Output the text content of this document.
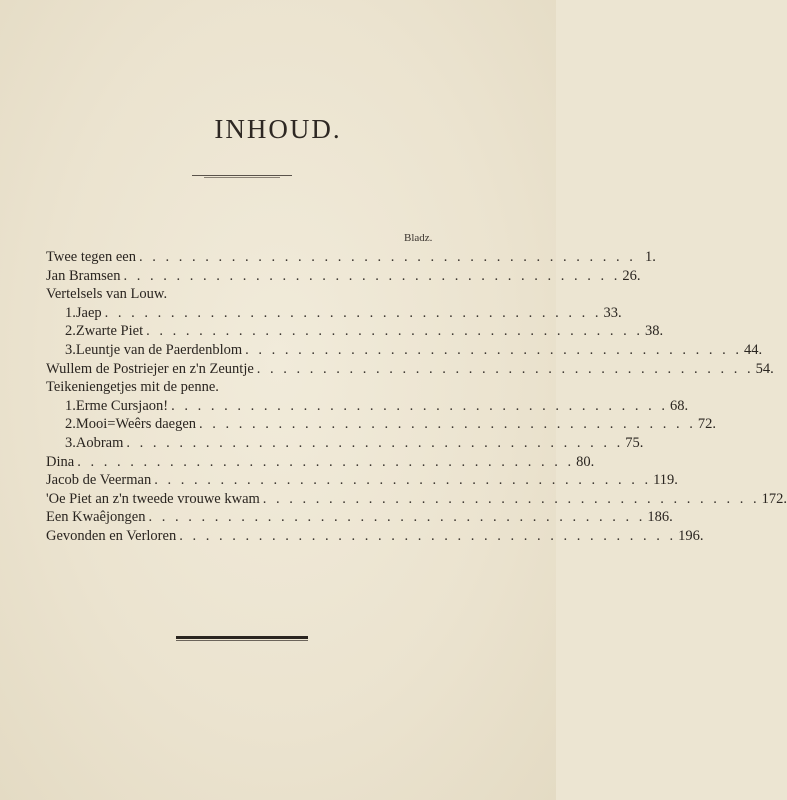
INHOUD.
Bladz.
Twee tegen een . . . . . . . . . . . . . . . . . . . . . . . . . . . . . . . . . . . . . . 1.
Jan Bramsen . . . . . . . . . . . . . . . . . . . . . . . . . . . . . . . . . . . . . . 26.
Vertelsels van Louw.
1. Jaep . . . . . . . . . . . . . . . . . . . . . . . . . . . . . . . . . . . . . . 33.
2. Zwarte Piet . . . . . . . . . . . . . . . . . . . . . . . . . . . . . . . . . . . . . . 38.
3. Leuntje van de Paerdenblom . . . . . . . . . . . . . . . . . . . . . . . . . . . . . . . . . . . . . . 44.
Wullem de Postriejer en z'n Zeuntje . . . . . . . . . . . . . . . . . . . . . . . . . . . . . . . . . . . . . . 54.
Teikeniengetjes mit de penne.
1. Erme Cursjaon! . . . . . . . . . . . . . . . . . . . . . . . . . . . . . . . . . . . . . . 68.
2. Mooi=Weêrs daegen . . . . . . . . . . . . . . . . . . . . . . . . . . . . . . . . . . . . . . 72.
3. Aobram . . . . . . . . . . . . . . . . . . . . . . . . . . . . . . . . . . . . . . 75.
Dina . . . . . . . . . . . . . . . . . . . . . . . . . . . . . . . . . . . . . . 80.
Jacob de Veerman . . . . . . . . . . . . . . . . . . . . . . . . . . . . . . . . . . . . . . 119.
'Oe Piet an z'n tweede vrouwe kwam . . . . . . . . . . . . . . . . . . . . . . . . . . . . . . . . . . . . . . 172.
Een Kwaêjongen . . . . . . . . . . . . . . . . . . . . . . . . . . . . . . . . . . . . . . 186.
Gevonden en Verloren . . . . . . . . . . . . . . . . . . . . . . . . . . . . . . . . . . . . . . 196.
